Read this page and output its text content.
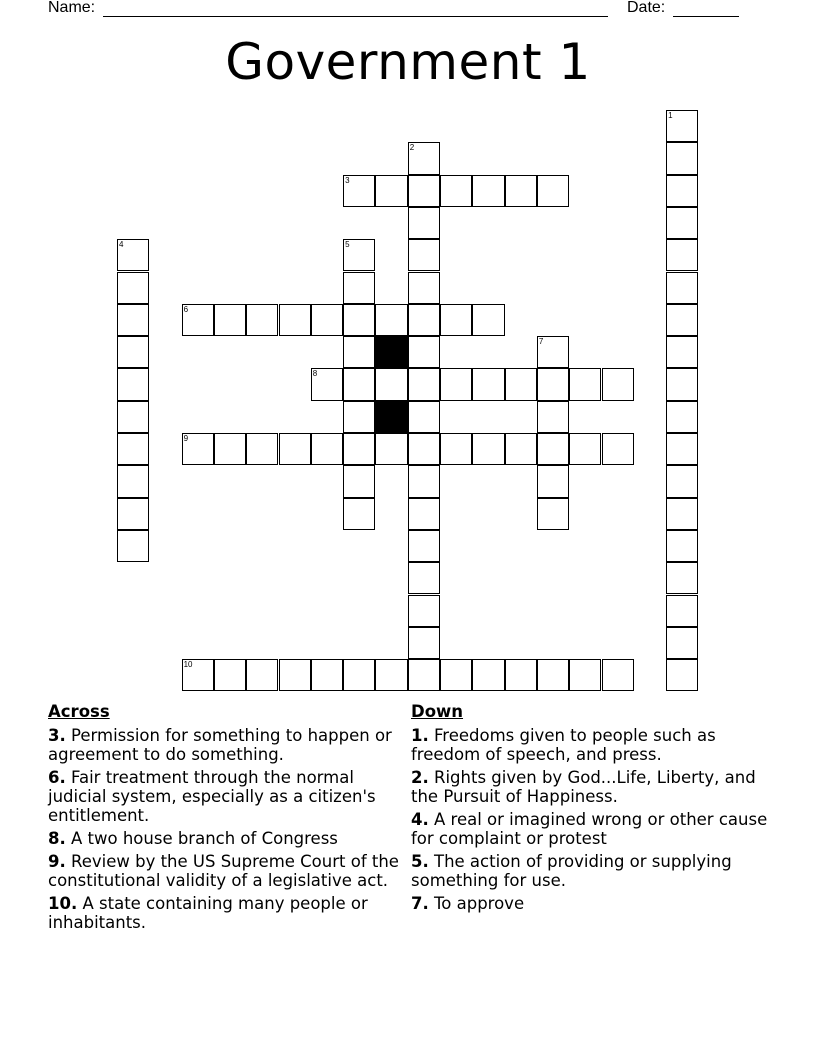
Name:	Date:
Government 1
1
2
3
4	5
6
7
8
9
10
Across
3. Permission for something to happen or agreement to do something.
6. Fair treatment through the normal judicial system, especially as a citizen's entitlement.
8. A two house branch of Congress
9. Review by the US Supreme Court of the constitutional validity of a legislative act.
10. A state containing many people or inhabitants.
Down
1. Freedoms given to people such as freedom of speech, and press.
2. Rights given by God...Life, Liberty, and the Pursuit of Happiness.
4. A real or imagined wrong or other cause for complaint or protest
5. The action of providing or supplying something for use.
7. To approve
